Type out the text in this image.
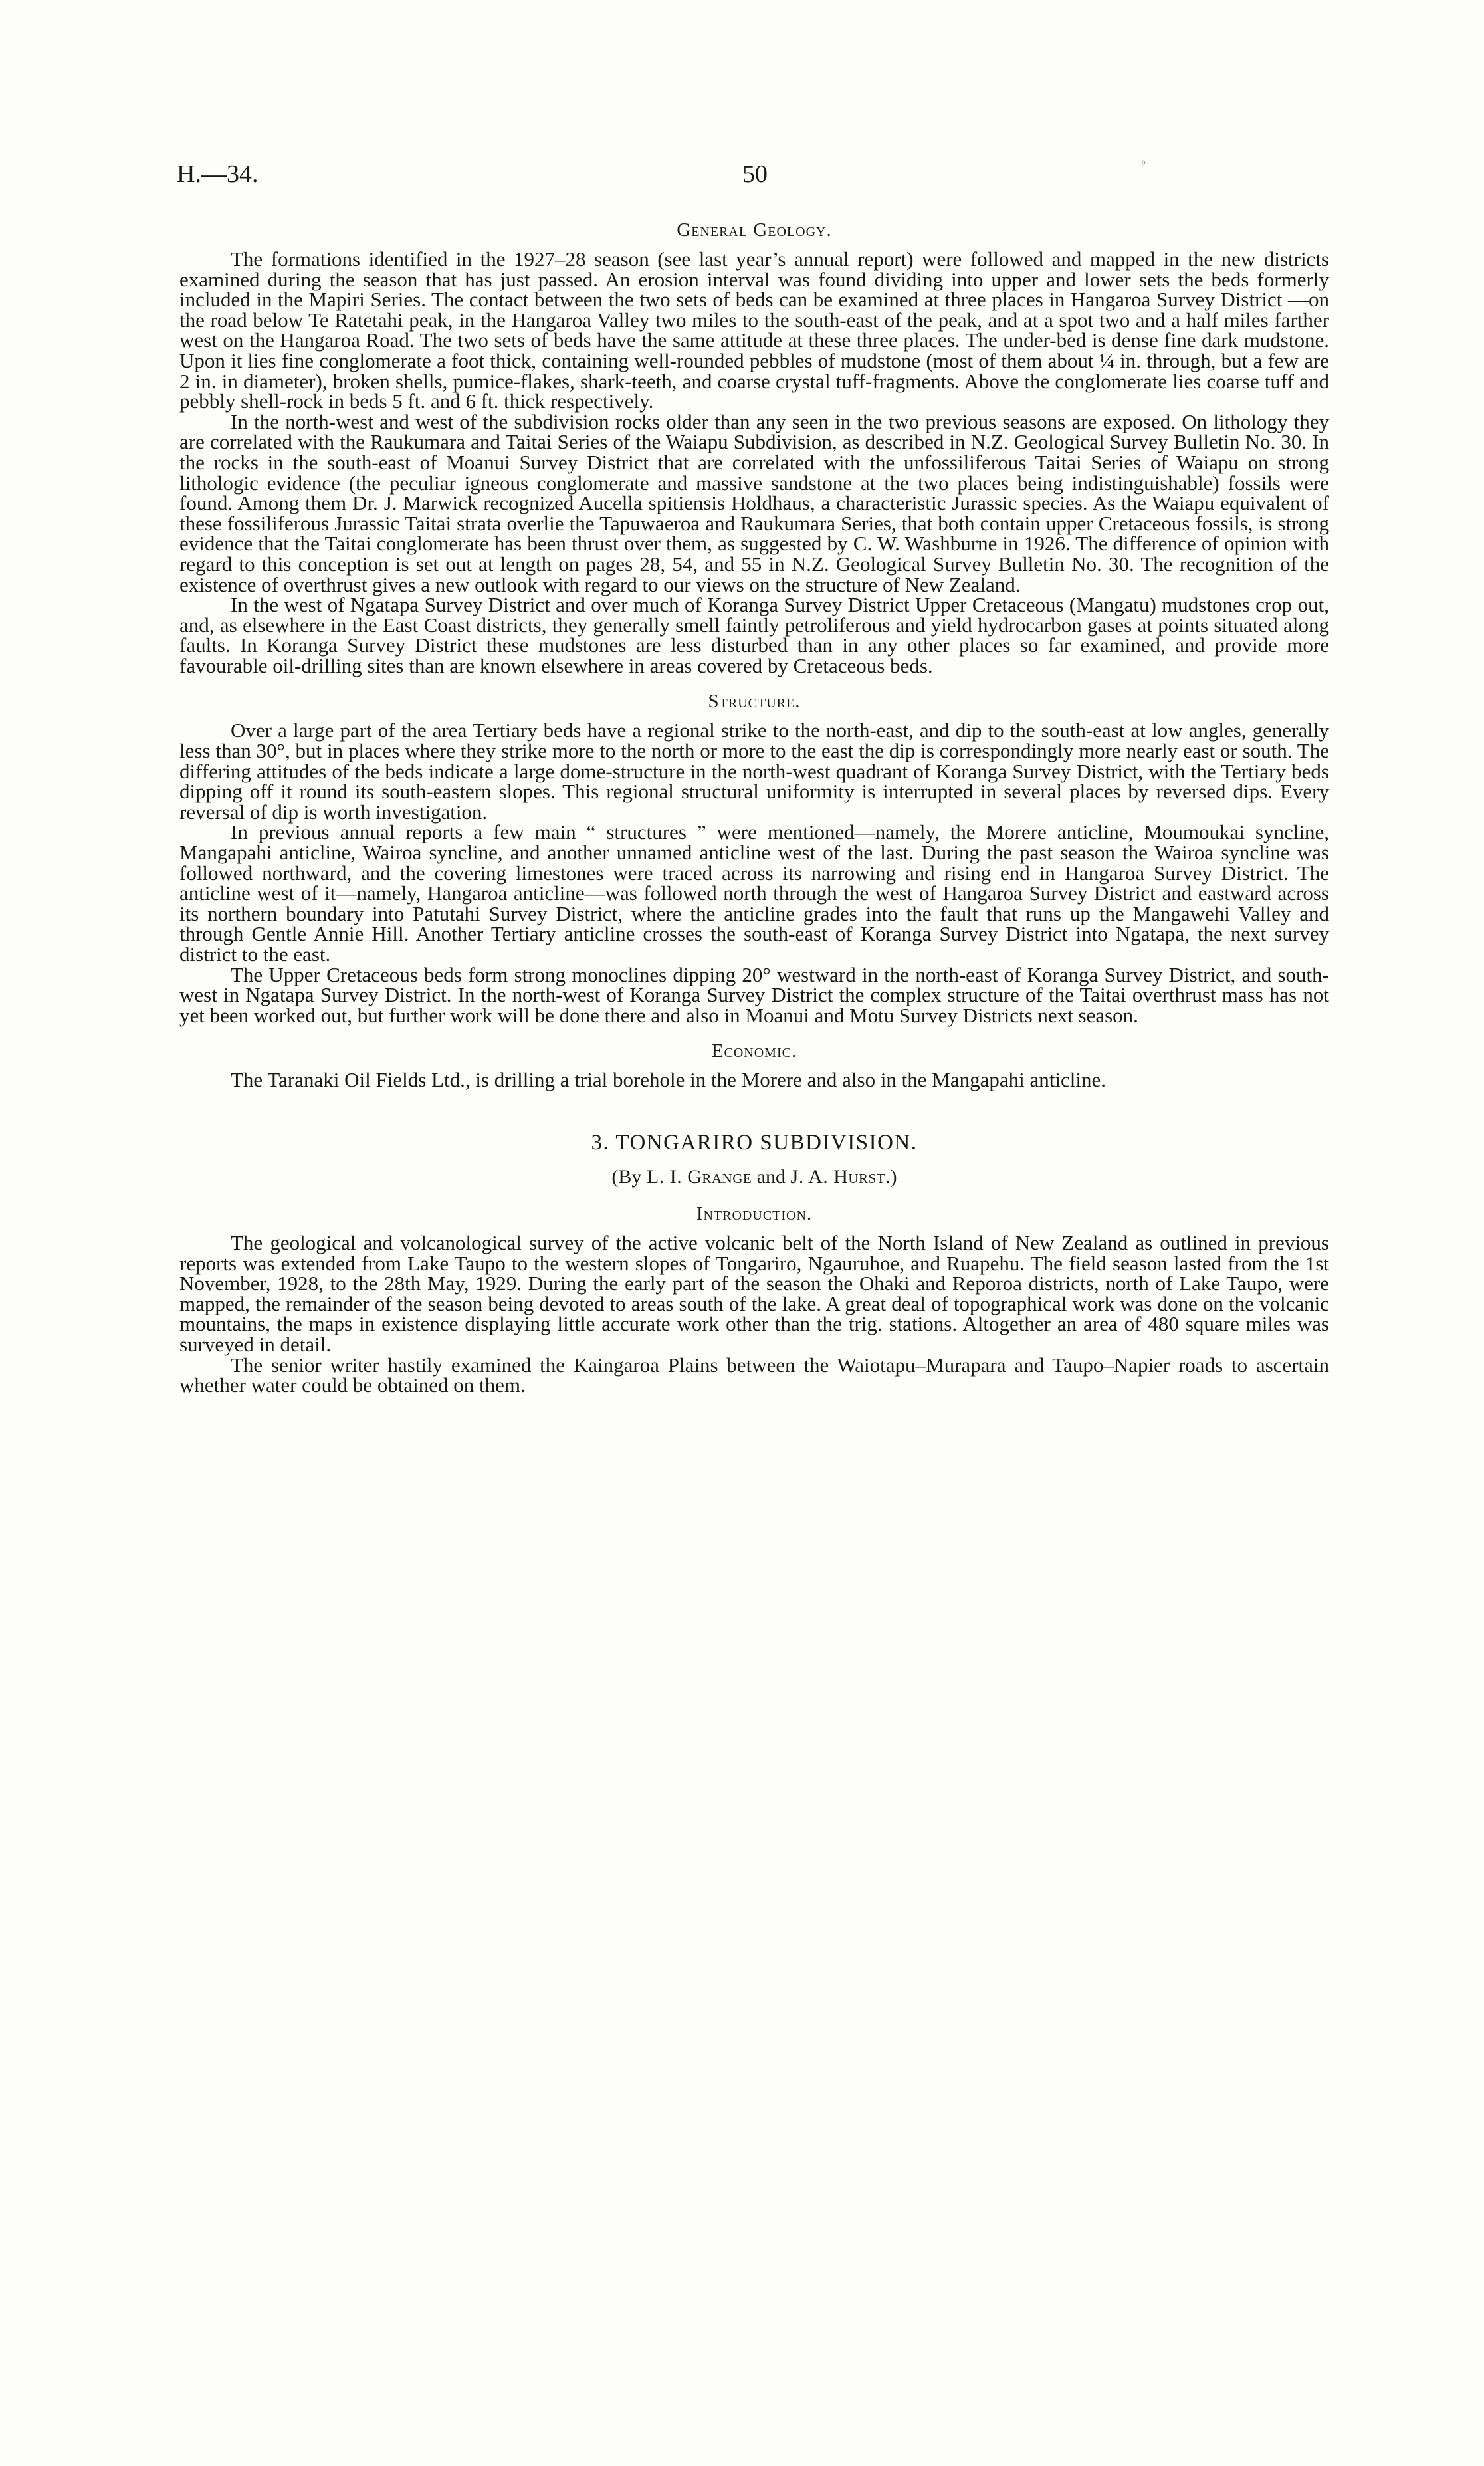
H.—34.	50	⁰
General Geology.

The formations identified in the 1927–28 season (see last year’s annual report) were followed and mapped in the new districts examined during the season that has just passed. An erosion interval was found dividing into upper and lower sets the beds formerly included in the Mapiri Series. The contact between the two sets of beds can be examined at three places in Hangaroa Survey District —on the road below Te Ratetahi peak, in the Hangaroa Valley two miles to the south-east of the peak, and at a spot two and a half miles farther west on the Hangaroa Road. The two sets of beds have the same attitude at these three places. The under-bed is dense fine dark mudstone. Upon it lies fine conglomerate a foot thick, containing well-rounded pebbles of mudstone (most of them about ¼ in. through, but a few are 2 in. in diameter), broken shells, pumice-flakes, shark-teeth, and coarse crystal tuff-fragments. Above the conglomerate lies coarse tuff and pebbly shell-rock in beds 5 ft. and 6 ft. thick respectively.

In the north-west and west of the subdivision rocks older than any seen in the two previous seasons are exposed. On lithology they are correlated with the Raukumara and Taitai Series of the Waiapu Subdivision, as described in N.Z. Geological Survey Bulletin No. 30. In the rocks in the south-east of Moanui Survey District that are correlated with the unfossiliferous Taitai Series of Waiapu on strong lithologic evidence (the peculiar igneous conglomerate and massive sandstone at the two places being indistinguishable) fossils were found. Among them Dr. J. Marwick recognized Aucella spitiensis Holdhaus, a characteristic Jurassic species. As the Waiapu equivalent of these fossiliferous Jurassic Taitai strata overlie the Tapuwaeroa and Raukumara Series, that both contain upper Cretaceous fossils, is strong evidence that the Taitai conglomerate has been thrust over them, as suggested by C. W. Washburne in 1926. The difference of opinion with regard to this conception is set out at length on pages 28, 54, and 55 in N.Z. Geological Survey Bulletin No. 30. The recognition of the existence of overthrust gives a new outlook with regard to our views on the structure of New Zealand.

In the west of Ngatapa Survey District and over much of Koranga Survey District Upper Cretaceous (Mangatu) mudstones crop out, and, as elsewhere in the East Coast districts, they generally smell faintly petroliferous and yield hydrocarbon gases at points situated along faults. In Koranga Survey District these mudstones are less disturbed than in any other places so far examined, and provide more favourable oil-drilling sites than are known elsewhere in areas covered by Cretaceous beds.

Structure.

Over a large part of the area Tertiary beds have a regional strike to the north-east, and dip to the south-east at low angles, generally less than 30°, but in places where they strike more to the north or more to the east the dip is correspondingly more nearly east or south. The differing attitudes of the beds indicate a large dome-structure in the north-west quadrant of Koranga Survey District, with the Tertiary beds dipping off it round its south-eastern slopes. This regional structural uniformity is interrupted in several places by reversed dips. Every reversal of dip is worth investigation.

In previous annual reports a few main “ structures ” were mentioned—namely, the Morere anticline, Moumoukai syncline, Mangapahi anticline, Wairoa syncline, and another unnamed anticline west of the last. During the past season the Wairoa syncline was followed northward, and the covering limestones were traced across its narrowing and rising end in Hangaroa Survey District. The anticline west of it—namely, Hangaroa anticline—was followed north through the west of Hangaroa Survey District and eastward across its northern boundary into Patutahi Survey District, where the anticline grades into the fault that runs up the Mangawehi Valley and through Gentle Annie Hill. Another Tertiary anticline crosses the south-east of Koranga Survey District into Ngatapa, the next survey district to the east.

The Upper Cretaceous beds form strong monoclines dipping 20° westward in the north-east of Koranga Survey District, and south-west in Ngatapa Survey District. In the north-west of Koranga Survey District the complex structure of the Taitai overthrust mass has not yet been worked out, but further work will be done there and also in Moanui and Motu Survey Districts next season.

Economic.

The Taranaki Oil Fields Ltd., is drilling a trial borehole in the Morere and also in the Mangapahi anticline.

3. TONGARIRO SUBDIVISION.
(By L. I. Grange and J. A. Hurst.)
Introduction.

The geological and volcanological survey of the active volcanic belt of the North Island of New Zealand as outlined in previous reports was extended from Lake Taupo to the western slopes of Tongariro, Ngauruhoe, and Ruapehu. The field season lasted from the 1st November, 1928, to the 28th May, 1929. During the early part of the season the Ohaki and Reporoa districts, north of Lake Taupo, were mapped, the remainder of the season being devoted to areas south of the lake. A great deal of topographical work was done on the volcanic mountains, the maps in existence displaying little accurate work other than the trig. stations. Altogether an area of 480 square miles was surveyed in detail.

The senior writer hastily examined the Kaingaroa Plains between the Waiotapu–Murapara and Taupo–Napier roads to ascertain whether water could be obtained on them.
